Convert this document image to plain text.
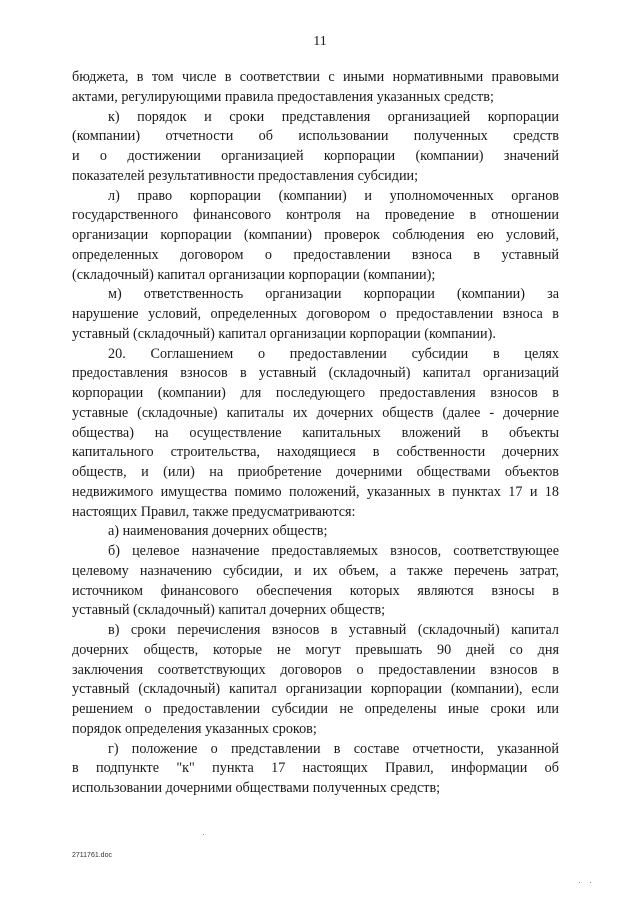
11
бюджета, в том числе в соответствии с иными нормативными правовыми
актами, регулирующими правила предоставления указанных средств;
к) порядок и сроки представления организацией корпорации
(компании) отчетности об использовании полученных средств
и о достижении организацией корпорации (компании) значений
показателей результативности предоставления субсидии;
л) право корпорации (компании) и уполномоченных органов
государственного финансового контроля на проведение в отношении
организации корпорации (компании) проверок соблюдения ею условий,
определенных договором о предоставлении взноса в уставный
(складочный) капитал организации корпорации (компании);
м) ответственность организации корпорации (компании) за
нарушение условий, определенных договором о предоставлении взноса в
уставный (складочный) капитал организации корпорации (компании).
20. Соглашением о предоставлении субсидии в целях
предоставления взносов в уставный (складочный) капитал организаций
корпорации (компании) для последующего предоставления взносов в
уставные (складочные) капиталы их дочерних обществ (далее - дочерние
общества) на осуществление капитальных вложений в объекты
капитального строительства, находящиеся в собственности дочерних
обществ, и (или) на приобретение дочерними обществами объектов
недвижимого имущества помимо положений, указанных в пунктах 17 и 18
настоящих Правил, также предусматриваются:
а) наименования дочерних обществ;
б) целевое назначение предоставляемых взносов, соответствующее
целевому назначению субсидии, и их объем, а также перечень затрат,
источником финансового обеспечения которых являются взносы в
уставный (складочный) капитал дочерних обществ;
в) сроки перечисления взносов в уставный (складочный) капитал
дочерних обществ, которые не могут превышать 90 дней со дня
заключения соответствующих договоров о предоставлении взносов в
уставный (складочный) капитал организации корпорации (компании), если
решением о предоставлении субсидии не определены иные сроки или
порядок определения указанных сроков;
г) положение о представлении в составе отчетности, указанной
в подпункте "к" пункта 17 настоящих Правил, информации об
использовании дочерними обществами полученных средств;
2711761.doc
